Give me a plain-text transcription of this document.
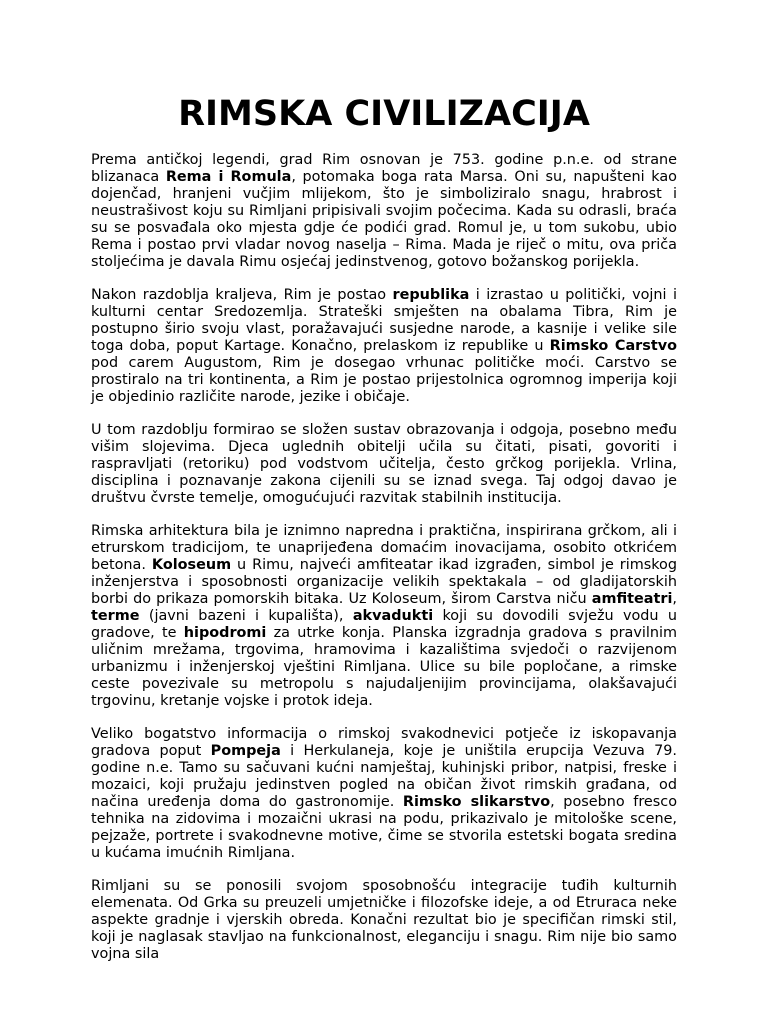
RIMSKA CIVILIZACIJA

Prema antičkoj legendi, grad Rim osnovan je 753. godine p.n.e. od strane blizanaca Rema i Romula, potomaka boga rata Marsa. Oni su, napušteni kao dojenčad, hranjeni vučjim mlijekom, što je simboliziralo snagu, hrabrost i neustrašivost koju su Rimljani pripisivali svojim počecima. Kada su odrasli, braća su se posvađala oko mjesta gdje će podići grad. Romul je, u tom sukobu, ubio Rema i postao prvi vladar novog naselja – Rima. Mada je riječ o mitu, ova priča stoljećima je davala Rimu osjećaj jedinstvenog, gotovo božanskog porijekla.

Nakon razdoblja kraljeva, Rim je postao republika i izrastao u politički, vojni i kulturni centar Sredozemlja. Strateški smješten na obalama Tibra, Rim je postupno širio svoju vlast, poražavajući susjedne narode, a kasnije i velike sile toga doba, poput Kartage. Konačno, prelaskom iz republike u Rimsko Carstvo pod carem Augustom, Rim je dosegao vrhunac političke moći. Carstvo se prostiralo na tri kontinenta, a Rim je postao prijestolnica ogromnog imperija koji je objedinio različite narode, jezike i običaje.

U tom razdoblju formirao se složen sustav obrazovanja i odgoja, posebno među višim slojevima. Djeca uglednih obitelji učila su čitati, pisati, govoriti i raspravljati (retoriku) pod vodstvom učitelja, često grčkog porijekla. Vrlina, disciplina i poznavanje zakona cijenili su se iznad svega. Taj odgoj davao je društvu čvrste temelje, omogućujući razvitak stabilnih institucija.

Rimska arhitektura bila je iznimno napredna i praktična, inspirirana grčkom, ali i etrurskom tradicijom, te unaprijeđena domaćim inovacijama, osobito otkrićem betona. Koloseum u Rimu, najveći amfiteatar ikad izgrađen, simbol je rimskog inženjerstva i sposobnosti organizacije velikih spektakala – od gladijatorskih borbi do prikaza pomorskih bitaka. Uz Koloseum, širom Carstva niču amfiteatri, terme (javni bazeni i kupališta), akvadukti koji su dovodili svježu vodu u gradove, te hipodromi za utrke konja. Planska izgradnja gradova s pravilnim uličnim mrežama, trgovima, hramovima i kazalištima svjedoči o razvijenom urbanizmu i inženjerskoj vještini Rimljana. Ulice su bile popločane, a rimske ceste povezivale su metropolu s najudaljenijim provincijama, olakšavajući trgovinu, kretanje vojske i protok ideja.

Veliko bogatstvo informacija o rimskoj svakodnevici potječe iz iskopavanja gradova poput Pompeja i Herkulaneja, koje je uništila erupcija Vezuva 79. godine n.e. Tamo su sačuvani kućni namještaj, kuhinjski pribor, natpisi, freske i mozaici, koji pružaju jedinstven pogled na običan život rimskih građana, od načina uređenja doma do gastronomije. Rimsko slikarstvo, posebno fresco tehnika na zidovima i mozaični ukrasi na podu, prikazivalo je mitološke scene, pejzaže, portrete i svakodnevne motive, čime se stvorila estetski bogata sredina u kućama imućnih Rimljana.

Rimljani su se ponosili svojom sposobnošću integracije tuđih kulturnih elemenata. Od Grka su preuzeli umjetničke i filozofske ideje, a od Etruraca neke aspekte gradnje i vjerskih obreda. Konačni rezultat bio je specifičan rimski stil, koji je naglasak stavljao na funkcionalnost, eleganciju i snagu. Rim nije bio samo vojna sila
